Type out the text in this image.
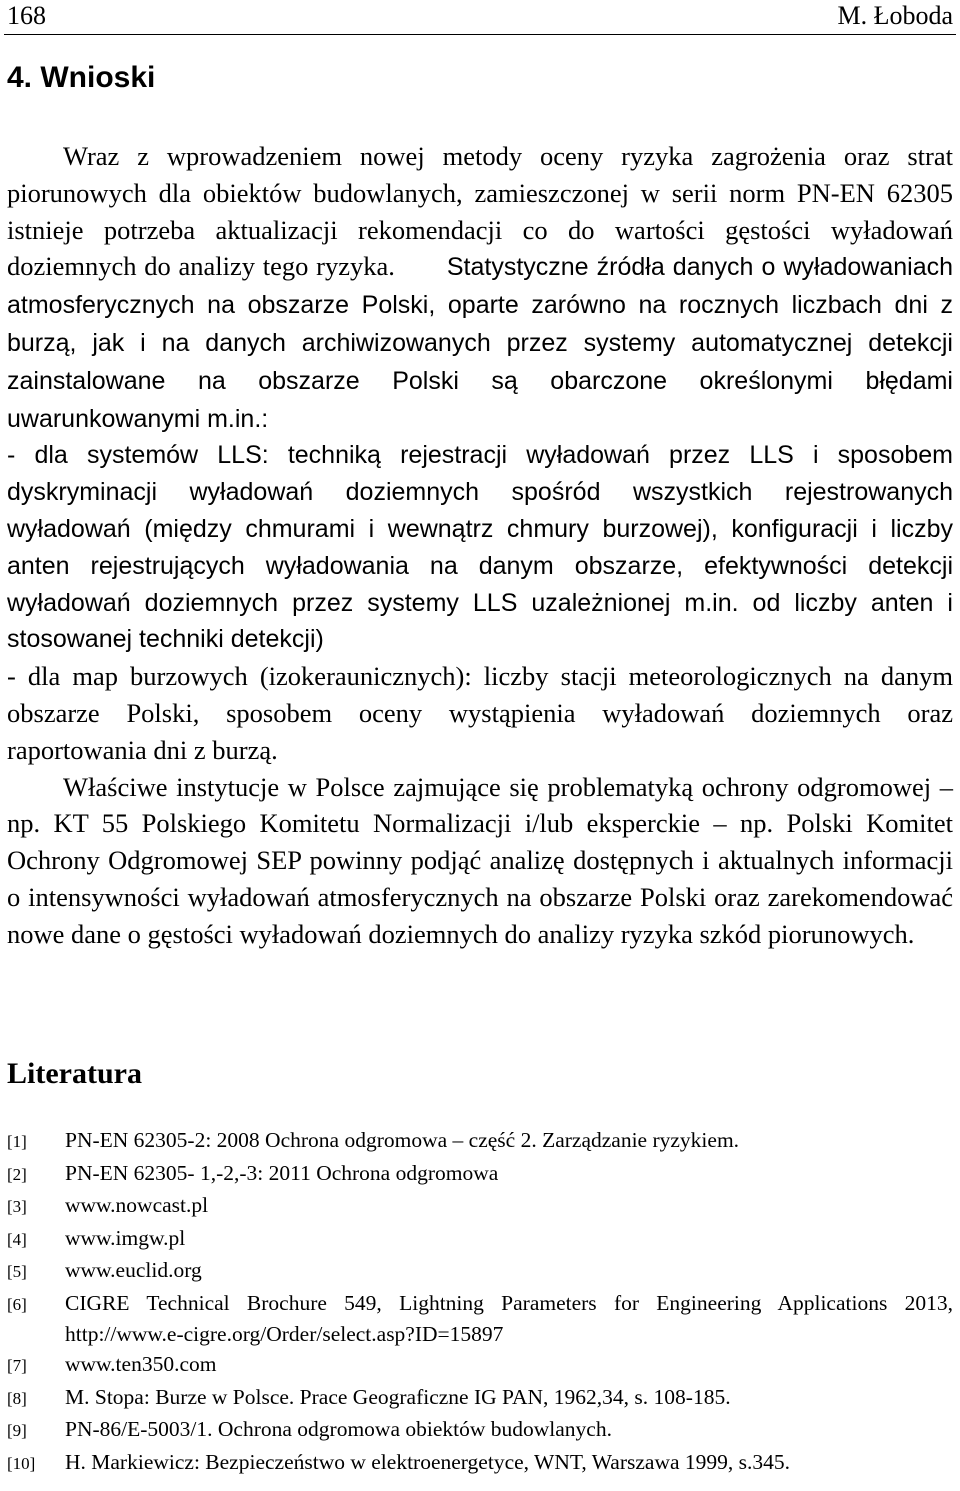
168	M. Łoboda
4. Wnioski

Wraz z wprowadzeniem nowej metody oceny ryzyka zagrożenia oraz strat piorunowych dla obiektów budowlanych, zamieszczonej w serii norm PN-EN 62305 istnieje potrzeba aktualizacji rekomendacji co do wartości gęstości wyładowań doziemnych do analizy tego ryzyka. Statystyczne źródła danych o wyładowaniach atmosferycznych na obszarze Polski, oparte zarówno na rocznych liczbach dni z burzą, jak i na danych archiwizowanych przez systemy automatycznej detekcji zainstalowane na obszarze Polski są obarczone określonymi błędami uwarunkowanymi m.in.:

- dla systemów LLS: techniką rejestracji wyładowań przez LLS i sposobem dyskryminacji wyładowań doziemnych spośród wszystkich rejestrowanych wyładowań (między chmurami i wewnątrz chmury burzowej), konfiguracji i liczby anten rejestrujących wyładowania na danym obszarze, efektywności detekcji wyładowań doziemnych przez systemy LLS uzależnionej m.in. od liczby anten i stosowanej techniki detekcji)

- dla map burzowych (izokeraunicznych): liczby stacji meteorologicznych na danym obszarze Polski, sposobem oceny wystąpienia wyładowań doziemnych oraz raportowania dni z burzą.

Właściwe instytucje w Polsce zajmujące się problematyką ochrony odgromowej – np. KT 55 Polskiego Komitetu Normalizacji i/lub eksperckie – np. Polski Komitet Ochrony Odgromowej SEP powinny podjąć analizę dostępnych i aktualnych informacji o intensywności wyładowań atmosferycznych na obszarze Polski oraz zarekomendować nowe dane o gęstości wyładowań doziemnych do analizy ryzyka szkód piorunowych.

Literatura
[1]	PN-EN 62305-2: 2008 Ochrona odgromowa – część 2. Zarządzanie ryzykiem.
[2]	PN-EN 62305- 1,-2,-3: 2011 Ochrona odgromowa
[3]	www.nowcast.pl
[4]	www.imgw.pl
[5]	www.euclid.org
[6]	CIGRE Technical Brochure 549, Lightning Parameters for Engineering Applications 2013, http://www.e-cigre.org/Order/select.asp?ID=15897
[7]	www.ten350.com
[8]	M. Stopa: Burze w Polsce. Prace Geograficzne IG PAN, 1962,34, s. 108-185.
[9]	PN-86/E-5003/1. Ochrona odgromowa obiektów budowlanych.
[10]	H. Markiewicz: Bezpieczeństwo w elektroenergetyce, WNT, Warszawa 1999, s.345.
